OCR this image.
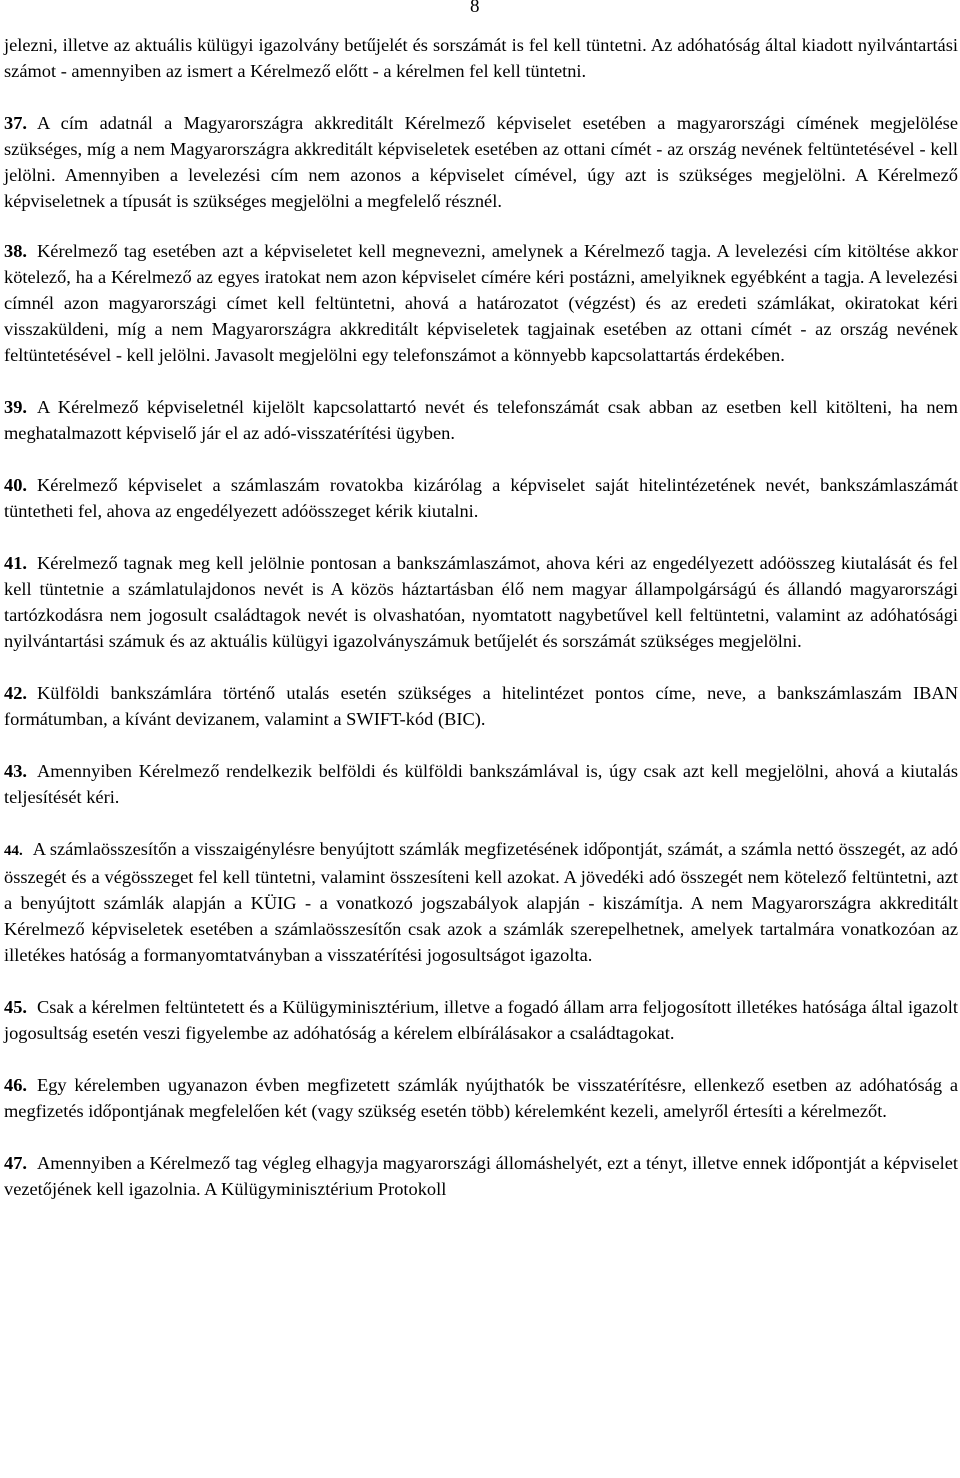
8

jelezni, illetve az aktuális külügyi igazolvány betűjelét és sorszámát is fel kell tüntetni. Az adóhatóság által kiadott nyilvántartási számot - amennyiben az ismert a Kérelmező előtt - a kérelmen fel kell tüntetni.

37. A cím adatnál a Magyarországra akkreditált Kérelmező képviselet esetében a magyarországi címének megjelölése szükséges, míg a nem Magyarországra akkreditált képviseletek esetében az ottani címét - az ország nevének feltüntetésével - kell jelölni. Amennyiben a levelezési cím nem azonos a képviselet címével, úgy azt is szükséges megjelölni. A Kérelmező képviseletnek a típusát is szükséges megjelölni a megfelelő résznél.

38. Kérelmező tag esetében azt a képviseletet kell megnevezni, amelynek a Kérelmező tagja. A levelezési cím kitöltése akkor kötelező, ha a Kérelmező az egyes iratokat nem azon képviselet címére kéri postázni, amelyiknek egyébként a tagja. A levelezési címnél azon magyarországi címet kell feltüntetni, ahová a határozatot (végzést) és az eredeti számlákat, okiratokat kéri visszaküldeni, míg a nem Magyarországra akkreditált képviseletek tagjainak esetében az ottani címét - az ország nevének feltüntetésével - kell jelölni. Javasolt megjelölni egy telefonszámot a könnyebb kapcsolattartás érdekében.

39. A Kérelmező képviseletnél kijelölt kapcsolattartó nevét és telefonszámát csak abban az esetben kell kitölteni, ha nem meghatalmazott képviselő jár el az adó-visszatérítési ügyben.

40. Kérelmező képviselet a számlaszám rovatokba kizárólag a képviselet saját hitelintézetének nevét, bankszámlaszámát tüntetheti fel, ahova az engedélyezett adóösszeget kérik kiutalni.

41. Kérelmező tagnak meg kell jelölnie pontosan a bankszámlaszámot, ahova kéri az engedélyezett adóösszeg kiutalását és fel kell tüntetnie a számlatulajdonos nevét is A közös háztartásban élő nem magyar állampolgárságú és állandó magyarországi tartózkodásra nem jogosult családtagok nevét is olvashatóan, nyomtatott nagybetűvel kell feltüntetni, valamint az adóhatósági nyilvántartási számuk és az aktuális külügyi igazolványszámuk betűjelét és sorszámát szükséges megjelölni.

42. Külföldi bankszámlára történő utalás esetén szükséges a hitelintézet pontos címe, neve, a bankszámlaszám IBAN formátumban, a kívánt devizanem, valamint a SWIFT-kód (BIC).

43. Amennyiben Kérelmező rendelkezik belföldi és külföldi bankszámlával is, úgy csak azt kell megjelölni, ahová a kiutalás teljesítését kéri.

44. A számlaösszesítőn a visszaigénylésre benyújtott számlák megfizetésének időpontját, számát, a számla nettó összegét, az adó összegét és a végösszeget fel kell tüntetni, valamint összesíteni kell azokat. A jövedéki adó összegét nem kötelező feltüntetni, azt a benyújtott számlák alapján a KÜIG - a vonatkozó jogszabályok alapján - kiszámítja. A nem Magyarországra akkreditált Kérelmező képviseletek esetében a számlaösszesítőn csak azok a számlák szerepelhetnek, amelyek tartalmára vonatkozóan az illetékes hatóság a formanyomtatványban a visszatérítési jogosultságot igazolta.

45. Csak a kérelmen feltüntetett és a Külügyminisztérium, illetve a fogadó állam arra feljogosított illetékes hatósága által igazolt jogosultság esetén veszi figyelembe az adóhatóság a kérelem elbírálásakor a családtagokat.

46. Egy kérelemben ugyanazon évben megfizetett számlák nyújthatók be visszatérítésre, ellenkező esetben az adóhatóság a megfizetés időpontjának megfelelően két (vagy szükség esetén több) kérelemként kezeli, amelyről értesíti a kérelmezőt.

47. Amennyiben a Kérelmező tag végleg elhagyja magyarországi állomáshelyét, ezt a tényt, illetve ennek időpontját a képviselet vezetőjének kell igazolnia. A Külügyminisztérium Protokoll
